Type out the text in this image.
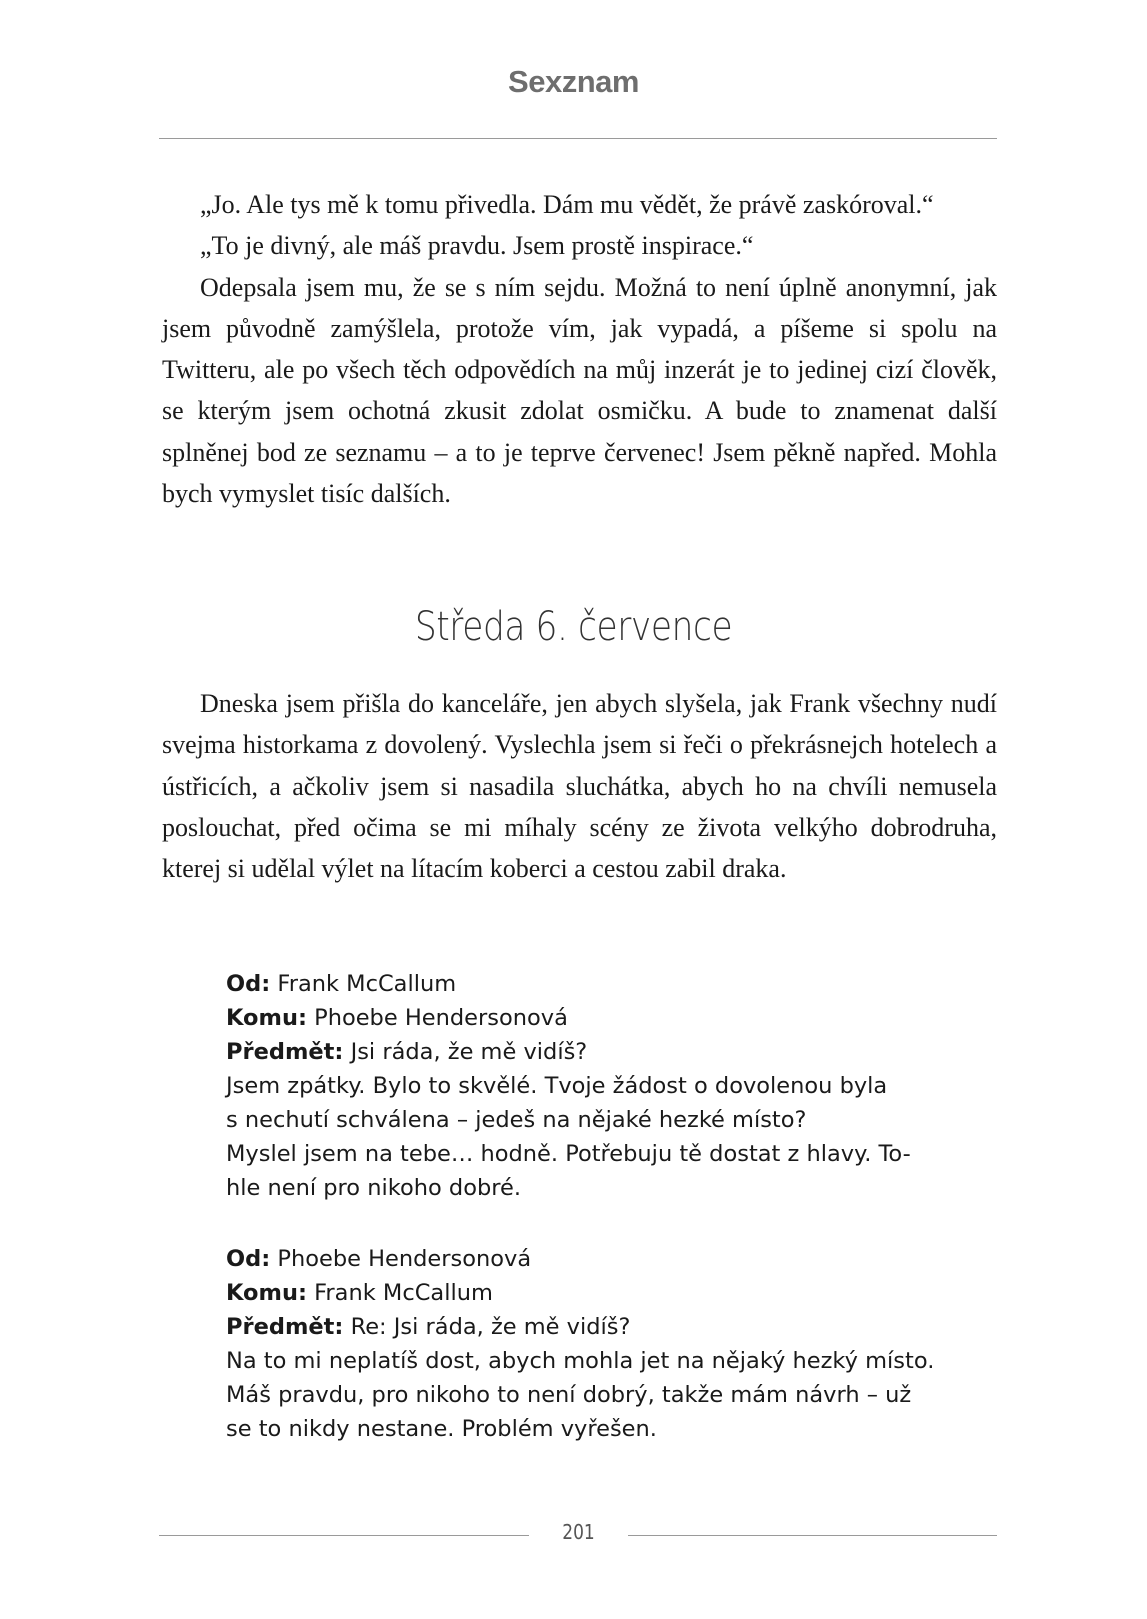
Sexznam

„Jo. Ale tys mě k tomu přivedla. Dám mu vědět, že právě zaskóroval.“

„To je divný, ale máš pravdu. Jsem prostě inspirace.“

Odepsala jsem mu, že se s ním sejdu. Možná to není úplně anonymní, jak jsem původně zamýšlela, protože vím, jak vypadá, a píšeme si spolu na Twitteru, ale po všech těch odpovědích na můj inzerát je to jedinej cizí člověk, se kterým jsem ochotná zkusit zdolat osmičku. A bude to znamenat další splněnej bod ze seznamu – a to je teprve červenec! Jsem pěkně napřed. Mohla bych vymyslet tisíc dalších.

Středa 6. července

Dneska jsem přišla do kanceláře, jen abych slyšela, jak Frank všechny nudí svejma historkama z dovolený. Vyslechla jsem si řeči o překrásnejch hotelech a ústřicích, a ačkoliv jsem si nasadila sluchátka, abych ho na chvíli nemusela poslouchat, před očima se mi míhaly scény ze života velkýho dobrodruha, kterej si udělal výlet na lítacím koberci a cestou zabil draka.

Od: Frank McCallum
Komu: Phoebe Hendersonová
Předmět: Jsi ráda, že mě vidíš?
Jsem zpátky. Bylo to skvělé. Tvoje žádost o dovolenou byla
s nechutí schválena – jedeš na nějaké hezké místo?
Myslel jsem na tebe… hodně. Potřebuju tě dostat z hlavy. To-
hle není pro nikoho dobré.
Od: Phoebe Hendersonová
Komu: Frank McCallum
Předmět: Re: Jsi ráda, že mě vidíš?
Na to mi neplatíš dost, abych mohla jet na nějaký hezký místo.
Máš pravdu, pro nikoho to není dobrý, takže mám návrh – už
se to nikdy nestane. Problém vyřešen.
201
